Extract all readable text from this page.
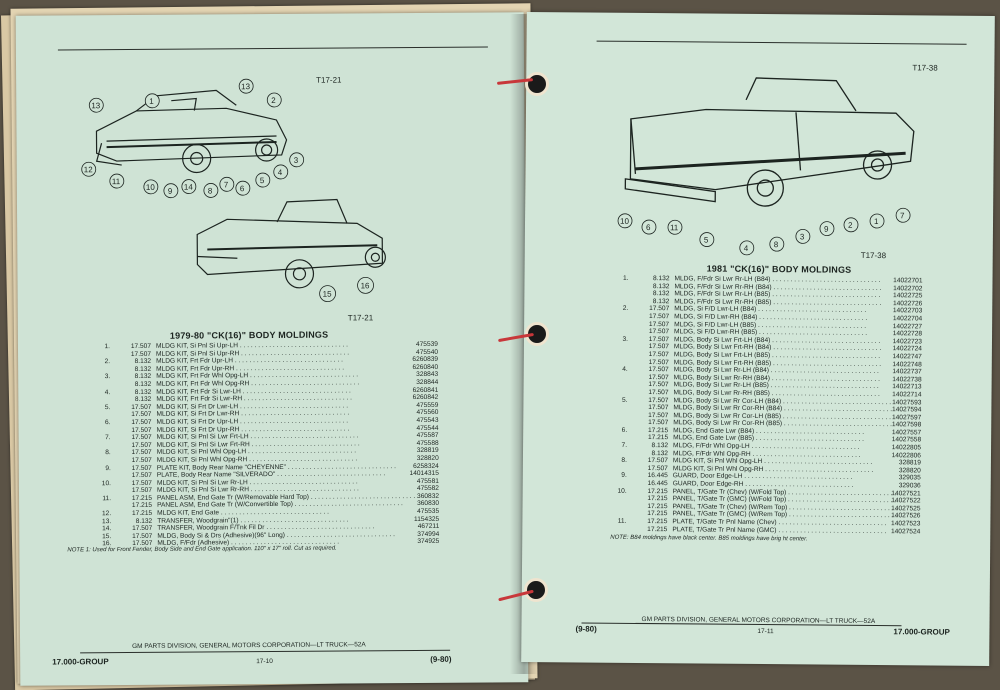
T17-21
13	1
13
2
3
4
5
6
7
8
14
9
10
11
12
15
16
T17-21
1979-80 "CK(16)" BODY MOLDINGS
1.	17.507	MLDG KIT, Si Pnl Si Upr-LH . . . . . . . . . . . . . . . . . . . . . . . . . . . . . .	475539
	17.507	MLDG KIT, Si Pnl Si Upr-RH . . . . . . . . . . . . . . . . . . . . . . . . . . . . . .	475540
2.	8.132	MLDG KIT, Frt Fdr Upr-LH . . . . . . . . . . . . . . . . . . . . . . . . . . . . . .	6260839
	8.132	MLDG KIT, Frt Fdr Upr-RH . . . . . . . . . . . . . . . . . . . . . . . . . . . . . .	6260840
3.	8.132	MLDG KIT, Frt Fdr Whl Opg-LH . . . . . . . . . . . . . . . . . . . . . . . . . . . . . .	328843
	8.132	MLDG KIT, Frt Fdr Whl Opg-RH . . . . . . . . . . . . . . . . . . . . . . . . . . . . . .	328844
4.	8.132	MLDG KIT, Frt Fdr Si Lwr-LH . . . . . . . . . . . . . . . . . . . . . . . . . . . . . .	6260841
	8.132	MLDG KIT, Frt Fdr Si Lwr-RH . . . . . . . . . . . . . . . . . . . . . . . . . . . . . .	6260842
5.	17.507	MLDG KIT, Si Frt Dr Lwr-LH . . . . . . . . . . . . . . . . . . . . . . . . . . . . . .	475559
	17.507	MLDG KIT, Si Frt Dr Lwr-RH . . . . . . . . . . . . . . . . . . . . . . . . . . . . . .	475560
6.	17.507	MLDG KIT, Si Frt Dr Upr-LH . . . . . . . . . . . . . . . . . . . . . . . . . . . . . .	475543
	17.507	MLDG KIT, Si Frt Dr Upr-RH . . . . . . . . . . . . . . . . . . . . . . . . . . . . . .	475544
7.	17.507	MLDG KIT, Si Pnl Si Lwr Frt-LH . . . . . . . . . . . . . . . . . . . . . . . . . . . . . .	475587
	17.507	MLDG KIT, Si Pnl Si Lwr Frt-RH . . . . . . . . . . . . . . . . . . . . . . . . . . . . . .	475588
8.	17.507	MLDG KIT, Si Pnl Whl Opg-LH . . . . . . . . . . . . . . . . . . . . . . . . . . . . . .	328819
	17.507	MLDG KIT, Si Pnl Whl Opg-RH . . . . . . . . . . . . . . . . . . . . . . . . . . . . . .	328820
9.	17.507	PLATE KIT, Body Rear Name "CHEYENNE" . . . . . . . . . . . . . . . . . . . . . . . . . . . . . .	6258324
	17.507	PLATE, Body Rear Name "SILVERADO" . . . . . . . . . . . . . . . . . . . . . . . . . . . . . .	14014315
10.	17.507	MLDG KIT, Si Pnl Si Lwr Rr-LH . . . . . . . . . . . . . . . . . . . . . . . . . . . . . .	475581
	17.507	MLDG KIT, Si Pnl Si Lwr Rr-RH . . . . . . . . . . . . . . . . . . . . . . . . . . . . . .	475582
11.	17.215	PANEL ASM, End Gate Tr (W/Removable Hard Top) . . . . . . . . . . . . . . . . . . . . . . . . . . . . . .	360832
	17.215	PANEL ASM, End Gate Tr (W/Convertible Top) . . . . . . . . . . . . . . . . . . . . . . . . . . . . . .	360830
12.	17.215	MLDG KIT, End Gate . . . . . . . . . . . . . . . . . . . . . . . . . . . . . .	475535
13.	8.132	TRANSFER, Woodgrain"(1) . . . . . . . . . . . . . . . . . . . . . . . . . . . . . .	1154325
14.	17.507	TRANSFER, Woodgrain F/Tnk Fil Dr . . . . . . . . . . . . . . . . . . . . . . . . . . . . . .	467211
15.	17.507	MLDG, Body Si & Drs (Adhesive)(96" Long) . . . . . . . . . . . . . . . . . . . . . . . . . . . . . .	374994
16.	17.507	MLDG, F/Fdr (Adhesive) . . . . . . . . . . . . . . . . . . . . . . . . . . . . . .	374925
NOTE 1: Used for Front Fender, Body Side and End Gate application. 110" x 17" roll. Cut as required.
GM PARTS DIVISION, GENERAL MOTORS CORPORATION—LT TRUCK—52A
17.000-GROUP	17-10	(9-80)
T17-38
10
6 11
5
4	8
3
9 2	1
7
T17-38
1981 "CK(16)" BODY MOLDINGS
1.	8.132	MLDG, F/Fdr Si Lwr Rr-LH (B84) . . . . . . . . . . . . . . . . . . . . . . . . . . . . . .	14022701
	8.132	MLDG, F/Fdr Si Lwr Rr-RH (B84) . . . . . . . . . . . . . . . . . . . . . . . . . . . . . .	14022702
	8.132	MLDG, F/Fdr Si Lwr Rr-LH (B85) . . . . . . . . . . . . . . . . . . . . . . . . . . . . . .	14022725
	8.132	MLDG, F/Fdr Si Lwr Rr-RH (B85) . . . . . . . . . . . . . . . . . . . . . . . . . . . . . .	14022726
2.	17.507	MLDG, Si F/D Lwr-LH (B84) . . . . . . . . . . . . . . . . . . . . . . . . . . . . . .	14022703
	17.507	MLDG, Si F/D Lwr-RH (B84) . . . . . . . . . . . . . . . . . . . . . . . . . . . . . .	14022704
	17.507	MLDG, Si F/D Lwr-LH (B85) . . . . . . . . . . . . . . . . . . . . . . . . . . . . . .	14022727
	17.507	MLDG, Si F/D Lwr-RH (B85) . . . . . . . . . . . . . . . . . . . . . . . . . . . . . .	14022728
3.	17.507	MLDG, Body Si Lwr Frt-LH (B84) . . . . . . . . . . . . . . . . . . . . . . . . . . . . . .	14022723
	17.507	MLDG, Body Si Lwr Frt-RH (B84) . . . . . . . . . . . . . . . . . . . . . . . . . . . . . .	14022724
	17.507	MLDG, Body Si Lwr Frt-LH (B85) . . . . . . . . . . . . . . . . . . . . . . . . . . . . . .	14022747
	17.507	MLDG, Body Si Lwr Frt-RH (B85) . . . . . . . . . . . . . . . . . . . . . . . . . . . . . .	14022748
4.	17.507	MLDG, Body Si Lwr Rr-LH (B84) . . . . . . . . . . . . . . . . . . . . . . . . . . . . . .	14022737
	17.507	MLDG, Body Si Lwr Rr-RH (B84) . . . . . . . . . . . . . . . . . . . . . . . . . . . . . .	14022738
	17.507	MLDG, Body Si Lwr Rr-LH (B85) . . . . . . . . . . . . . . . . . . . . . . . . . . . . . .	14022713
	17.507	MLDG, Body Si Lwr Rr-RH (B85) . . . . . . . . . . . . . . . . . . . . . . . . . . . . . .	14022714
5.	17.507	MLDG, Body Si Lwr Rr Cor-LH (B84) . . . . . . . . . . . . . . . . . . . . . . . . . . . . . .	14027593
	17.507	MLDG, Body Si Lwr Rr Cor-RH (B84) . . . . . . . . . . . . . . . . . . . . . . . . . . . . . .	14027594
	17.507	MLDG, Body Si Lwr Rr Cor-LH (B85) . . . . . . . . . . . . . . . . . . . . . . . . . . . . . .	14027597
	17.507	MLDG, Body Si Lwr Rr Cor-RH (B85) . . . . . . . . . . . . . . . . . . . . . . . . . . . . . .	14027598
6.	17.215	MLDG, End Gate Lwr (B84) . . . . . . . . . . . . . . . . . . . . . . . . . . . . . .	14027557
	17.215	MLDG, End Gate Lwr (B85) . . . . . . . . . . . . . . . . . . . . . . . . . . . . . .	14027558
7.	8.132	MLDG, F/Fdr Whl Opg-LH . . . . . . . . . . . . . . . . . . . . . . . . . . . . . .	14022805
	8.132	MLDG, F/Fdr Whl Opg-RH . . . . . . . . . . . . . . . . . . . . . . . . . . . . . .	14022806
8.	17.507	MLDG KIT, Si Pnl Whl Opg-LH . . . . . . . . . . . . . . . . . . . . . . . . . . . . . .	328819
	17.507	MLDG KIT, Si Pnl Whl Opg-RH . . . . . . . . . . . . . . . . . . . . . . . . . . . . . .	328820
9.	16.445	GUARD, Door Edge-LH . . . . . . . . . . . . . . . . . . . . . . . . . . . . . .	329035
	16.445	GUARD, Door Edge-RH . . . . . . . . . . . . . . . . . . . . . . . . . . . . . .	329036
10.	17.215	PANEL, T/Gate Tr (Chev) (W/Fold Top) . . . . . . . . . . . . . . . . . . . . . . . . . . . . . .	14027521
	17.215	PANEL, T/Gate Tr (GMC) (W/Fold Top) . . . . . . . . . . . . . . . . . . . . . . . . . . . . . .	14027522
	17.215	PANEL, T/Gate Tr (Chev) (W/Rem Top) . . . . . . . . . . . . . . . . . . . . . . . . . . . . . .	14027525
	17.215	PANEL, T/Gate Tr (GMC) (W/Rem Top) . . . . . . . . . . . . . . . . . . . . . . . . . . . . . .	14027526
11.	17.215	PLATE, T/Gate Tr Pnl Name (Chev) . . . . . . . . . . . . . . . . . . . . . . . . . . . . . .	14027523
	17.215	PLATE, T/Gate Tr Pnl Name (GMC) . . . . . . . . . . . . . . . . . . . . . . . . . . . . . .	14027524
NOTE: B84 moldings have black center. B85 moldings have brig ht center.
GM PARTS DIVISION, GENERAL MOTORS CORPORATION—LT TRUCK—52A
(9-80)	17-11	17.000-GROUP
